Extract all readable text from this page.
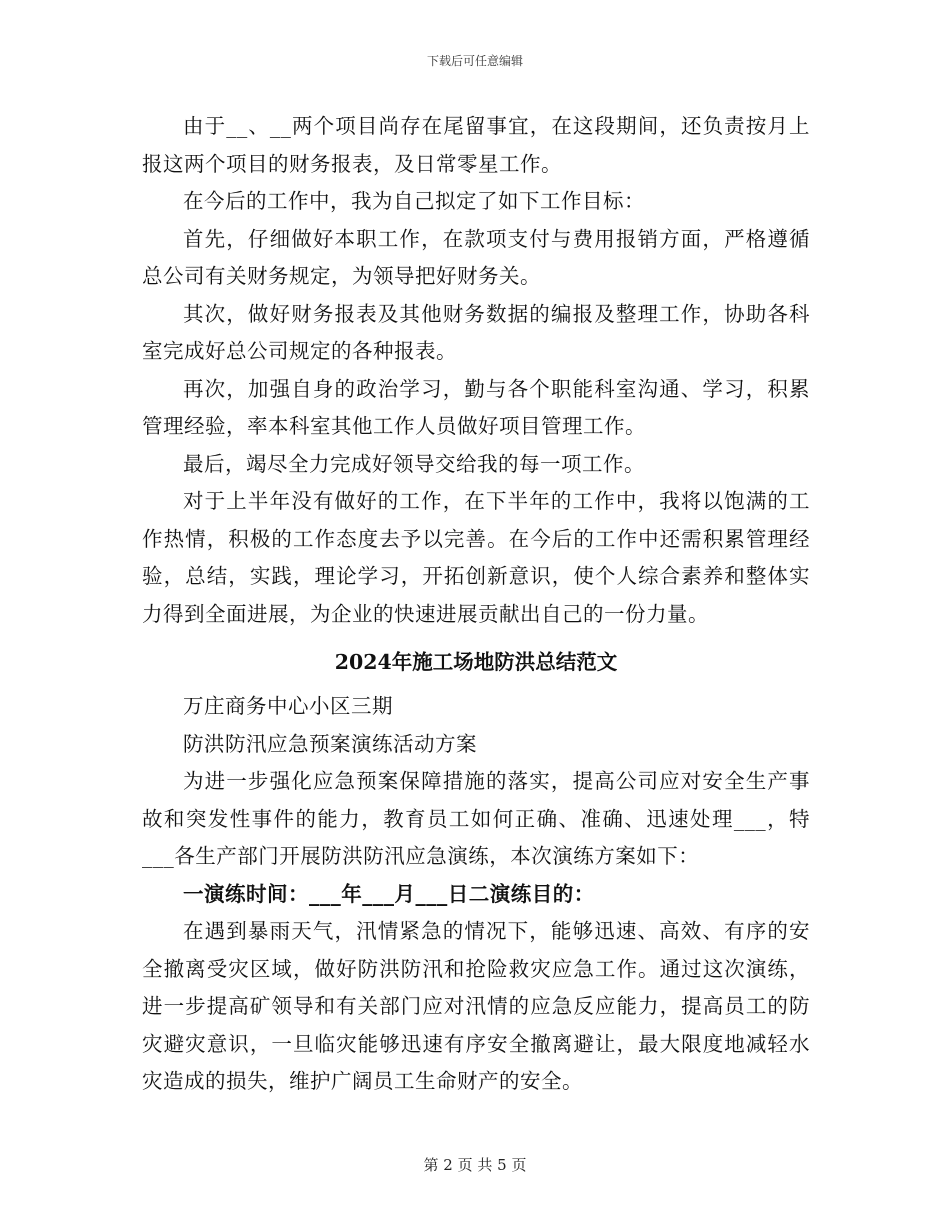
下载后可任意编辑

由于__、__两个项目尚存在尾留事宜，在这段期间，还负责按月上报这两个项目的财务报表，及日常零星工作。

在今后的工作中，我为自己拟定了如下工作目标：

首先，仔细做好本职工作，在款项支付与费用报销方面，严格遵循总公司有关财务规定，为领导把好财务关。

其次，做好财务报表及其他财务数据的编报及整理工作，协助各科室完成好总公司规定的各种报表。

再次，加强自身的政治学习，勤与各个职能科室沟通、学习，积累管理经验，率本科室其他工作人员做好项目管理工作。

最后，竭尽全力完成好领导交给我的每一项工作。

对于上半年没有做好的工作，在下半年的工作中，我将以饱满的工作热情，积极的工作态度去予以完善。在今后的工作中还需积累管理经验，总结，实践，理论学习，开拓创新意识，使个人综合素养和整体实力得到全面进展，为企业的快速进展贡献出自己的一份力量。

2024年施工场地防洪总结范文

万庄商务中心小区三期

防洪防汛应急预案演练活动方案

为进一步强化应急预案保障措施的落实，提高公司应对安全生产事故和突发性事件的能力，教育员工如何正确、准确、迅速处理___，特___各生产部门开展防洪防汛应急演练，本次演练方案如下：

一演练时间：___年___月___日二演练目的：

在遇到暴雨天气，汛情紧急的情况下，能够迅速、高效、有序的安全撤离受灾区域，做好防洪防汛和抢险救灾应急工作。通过这次演练，进一步提高矿领导和有关部门应对汛情的应急反应能力，提高员工的防灾避灾意识，一旦临灾能够迅速有序安全撤离避让，最大限度地减轻水灾造成的损失，维护广阔员工生命财产的安全。

第 2 页 共 5 页
